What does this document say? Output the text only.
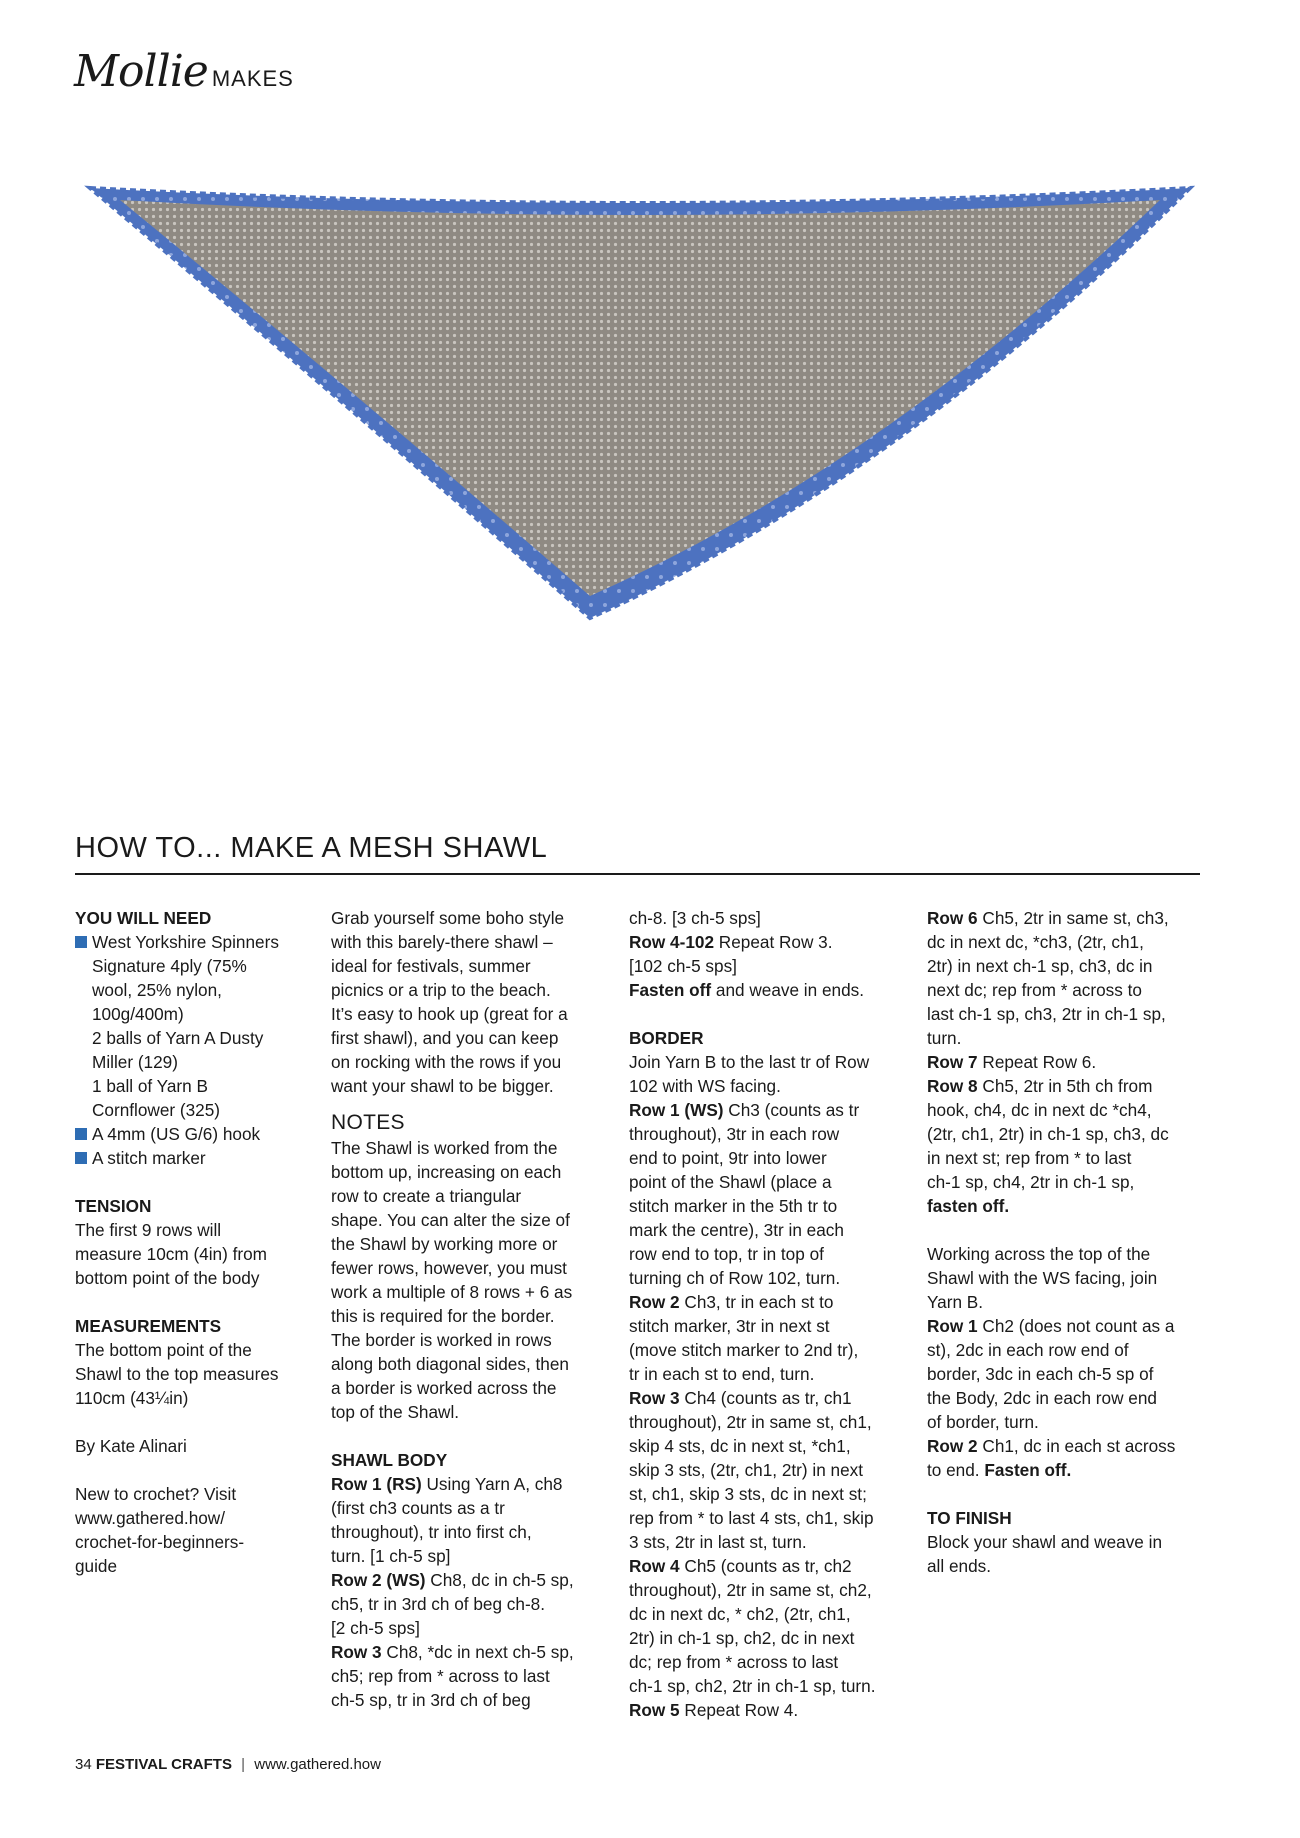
Mollie MAKES
HOW TO... MAKE A MESH SHAWL

YOU WILL NEED

West Yorkshire Spinners

Signature 4ply (75%

wool, 25% nylon,

100g/400m)

2 balls of Yarn A Dusty

Miller (129)

1 ball of Yarn B

Cornflower (325)

A 4mm (US G/6) hook

A stitch marker

TENSION

The first 9 rows will

measure 10cm (4in) from

bottom point of the body

MEASUREMENTS

The bottom point of the

Shawl to the top measures

110cm (43¼in)

By Kate Alinari

New to crochet? Visit

www.gathered.how/

crochet-for-beginners-

guide

Grab yourself some boho style

with this barely-there shawl –

ideal for festivals, summer

picnics or a trip to the beach.

It’s easy to hook up (great for a

first shawl), and you can keep

on rocking with the rows if you

want your shawl to be bigger.

NOTES

The Shawl is worked from the

bottom up, increasing on each

row to create a triangular

shape. You can alter the size of

the Shawl by working more or

fewer rows, however, you must

work a multiple of 8 rows + 6 as

this is required for the border.

The border is worked in rows

along both diagonal sides, then

a border is worked across the

top of the Shawl.

SHAWL BODY

Row 1 (RS) Using Yarn A, ch8

(first ch3 counts as a tr

throughout), tr into first ch,

turn. [1 ch-5 sp]

Row 2 (WS) Ch8, dc in ch-5 sp,

ch5, tr in 3rd ch of beg ch-8.

[2 ch-5 sps]

Row 3 Ch8, *dc in next ch-5 sp,

ch5; rep from * across to last

ch-5 sp, tr in 3rd ch of beg

ch-8. [3 ch-5 sps]

Row 4-102 Repeat Row 3.

[102 ch-5 sps]

Fasten off and weave in ends.

BORDER

Join Yarn B to the last tr of Row

102 with WS facing.

Row 1 (WS) Ch3 (counts as tr

throughout), 3tr in each row

end to point, 9tr into lower

point of the Shawl (place a

stitch marker in the 5th tr to

mark the centre), 3tr in each

row end to top, tr in top of

turning ch of Row 102, turn.

Row 2 Ch3, tr in each st to

stitch marker, 3tr in next st

(move stitch marker to 2nd tr),

tr in each st to end, turn.

Row 3 Ch4 (counts as tr, ch1

throughout), 2tr in same st, ch1,

skip 4 sts, dc in next st, *ch1,

skip 3 sts, (2tr, ch1, 2tr) in next

st, ch1, skip 3 sts, dc in next st;

rep from * to last 4 sts, ch1, skip

3 sts, 2tr in last st, turn.

Row 4 Ch5 (counts as tr, ch2

throughout), 2tr in same st, ch2,

dc in next dc, * ch2, (2tr, ch1,

2tr) in ch-1 sp, ch2, dc in next

dc; rep from * across to last

ch-1 sp, ch2, 2tr in ch-1 sp, turn.

Row 5 Repeat Row 4.

Row 6 Ch5, 2tr in same st, ch3,

dc in next dc, *ch3, (2tr, ch1,

2tr) in next ch-1 sp, ch3, dc in

next dc; rep from * across to

last ch-1 sp, ch3, 2tr in ch-1 sp,

turn.

Row 7 Repeat Row 6.

Row 8 Ch5, 2tr in 5th ch from

hook, ch4, dc in next dc *ch4,

(2tr, ch1, 2tr) in ch-1 sp, ch3, dc

in next st; rep from * to last

ch-1 sp, ch4, 2tr in ch-1 sp,

fasten off.

Working across the top of the

Shawl with the WS facing, join

Yarn B.

Row 1 Ch2 (does not count as a

st), 2dc in each row end of

border, 3dc in each ch-5 sp of

the Body, 2dc in each row end

of border, turn.

Row 2 Ch1, dc in each st across

to end. Fasten off.

TO FINISH

Block your shawl and weave in

all ends.

34 FESTIVAL CRAFTS | www.gathered.how
